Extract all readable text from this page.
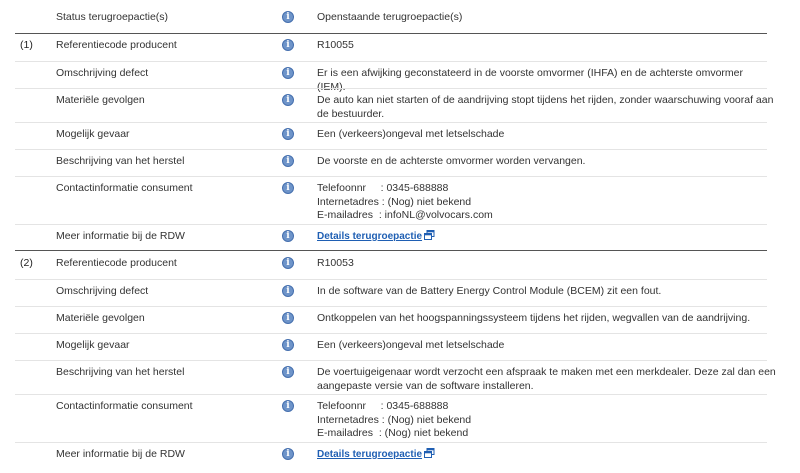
Status terugroepactie(s)	i	Openstaande terugroepactie(s)
(1) Referentiecode producent	i	R10055
Omschrijving defect	i	Er is een afwijking geconstateerd in de voorste omvormer (IHFA) en de achterste omvormer (IEM).
Materiële gevolgen	i	De auto kan niet starten of de aandrijving stopt tijdens het rijden, zonder waarschuwing vooraf aan
de bestuurder.
Mogelijk gevaar	i	Een (verkeers)ongeval met letselschade
Beschrijving van het herstel	i	De voorste en de achterste omvormer worden vervangen.
Contactinformatie consument	i	Telefoonnr     : 0345-688888
Internetadres : (Nog) niet bekend
E-mailadres  : infoNL@volvocars.com
Meer informatie bij de RDW	i	Details terugroepactie
(2) Referentiecode producent	i	R10053
Omschrijving defect	i	In de software van de Battery Energy Control Module (BCEM) zit een fout.
Materiële gevolgen	i	Ontkoppelen van het hoogspanningssysteem tijdens het rijden, wegvallen van de aandrijving.
Mogelijk gevaar	i	Een (verkeers)ongeval met letselschade
Beschrijving van het herstel	i	De voertuigeigenaar wordt verzocht een afspraak te maken met een merkdealer. Deze zal dan een
aangepaste versie van de software installeren.
Contactinformatie consument	i	Telefoonnr     : 0345-688888
Internetadres : (Nog) niet bekend
E-mailadres  : (Nog) niet bekend
Meer informatie bij de RDW	i	Details terugroepactie
